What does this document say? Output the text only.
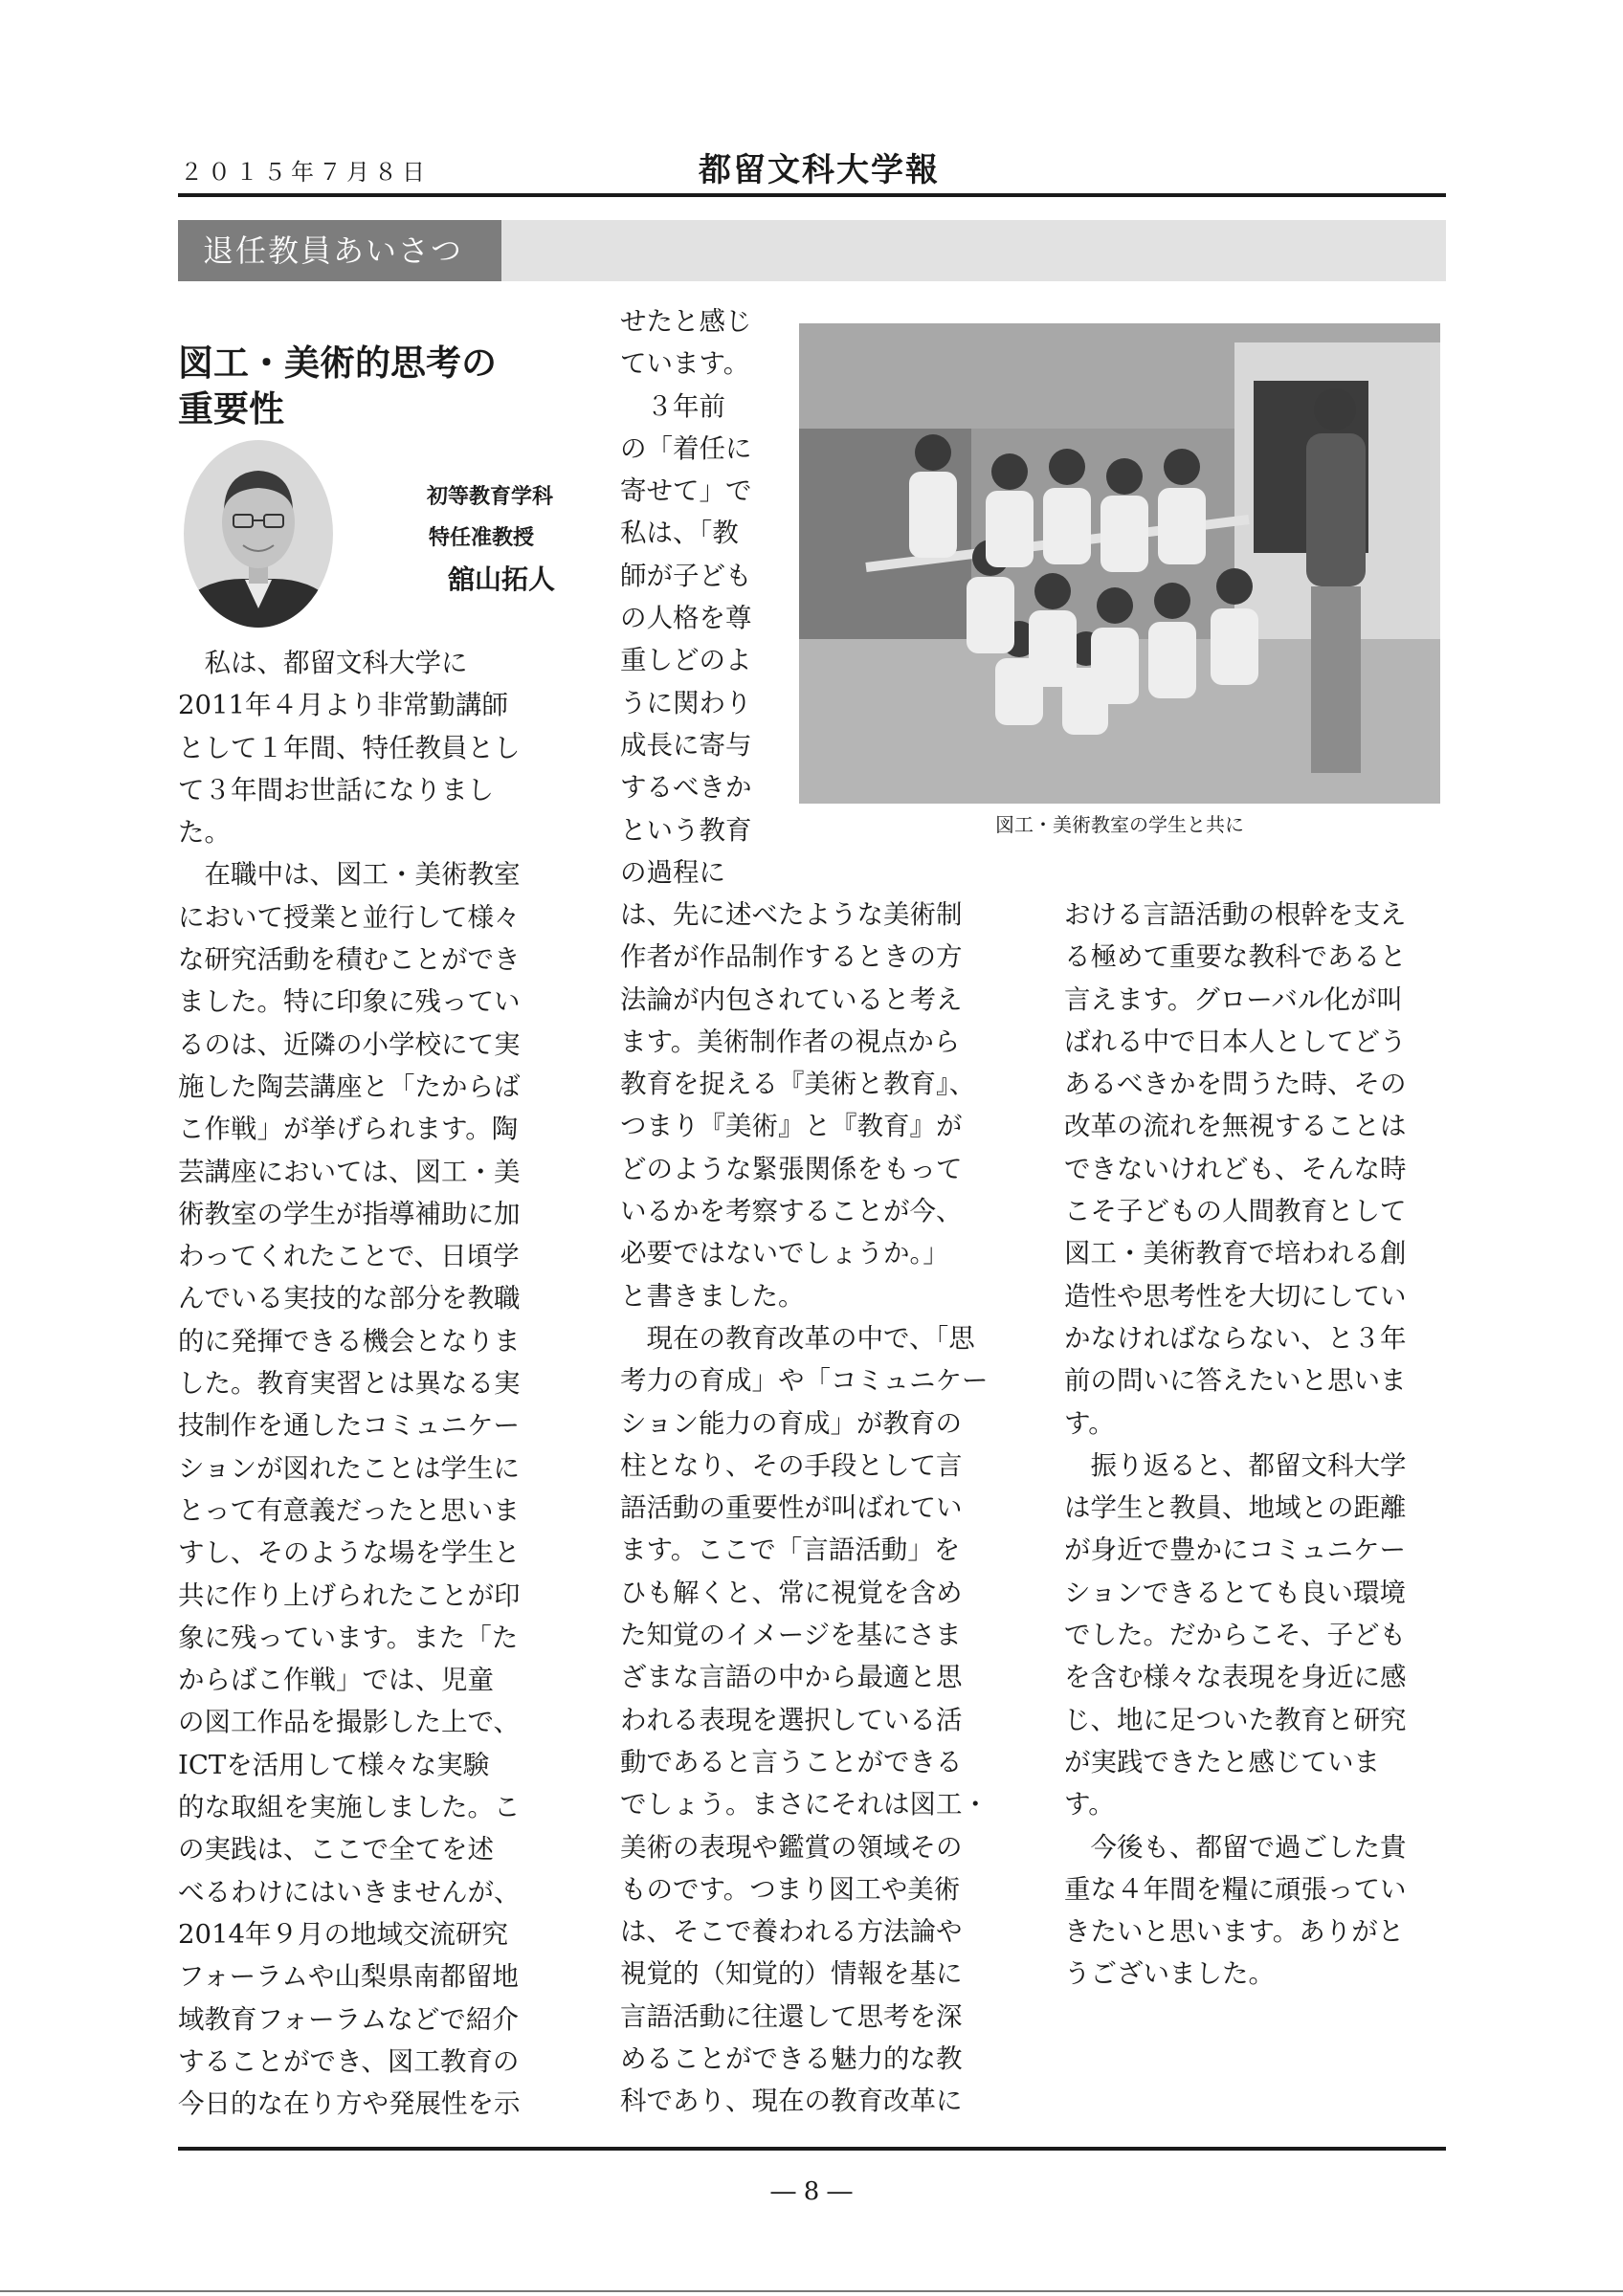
２０１５年７月８日	都留文科大学報
退任教員あいさつ
図工・美術的思考の
重要性
初等教育学科
特任准教授
舘山拓人
　私は、都留文科大学に
2011年４月より非常勤講師
として１年間、特任教員とし
て３年間お世話になりまし
た。
　在職中は、図工・美術教室
において授業と並行して様々
な研究活動を積むことができ
ました。特に印象に残ってい
るのは、近隣の小学校にて実
施した陶芸講座と「たからば
こ作戦」が挙げられます。陶
芸講座においては、図工・美
術教室の学生が指導補助に加
わってくれたことで、日頃学
んでいる実技的な部分を教職
的に発揮できる機会となりま
した。教育実習とは異なる実
技制作を通したコミュニケー
ションが図れたことは学生に
とって有意義だったと思いま
すし、そのような場を学生と
共に作り上げられたことが印
象に残っています。また「た
からばこ作戦」では、児童
の図工作品を撮影した上で、
ICTを活用して様々な実験
的な取組を実施しました。こ
の実践は、ここで全てを述
べるわけにはいきませんが、
2014年９月の地域交流研究
フォーラムや山梨県南都留地
域教育フォーラムなどで紹介
することができ、図工教育の
今日的な在り方や発展性を示
せたと感じ
ています。
　３年前
の「着任に
寄せて」で
私は、「教
師が子ども
の人格を尊
重しどのよ
うに関わり
成長に寄与
するべきか
という教育
の過程に
は、先に述べたような美術制
作者が作品制作するときの方
法論が内包されていると考え
ます。美術制作者の視点から
教育を捉える『美術と教育』、
つまり『美術』と『教育』が
どのような緊張関係をもって
いるかを考察することが今、
必要ではないでしょうか。」
と書きました。
　現在の教育改革の中で、「思
考力の育成」や「コミュニケー
ション能力の育成」が教育の
柱となり、その手段として言
語活動の重要性が叫ばれてい
ます。ここで「言語活動」を
ひも解くと、常に視覚を含め
た知覚のイメージを基にさま
ざまな言語の中から最適と思
われる表現を選択している活
動であると言うことができる
でしょう。まさにそれは図工・
美術の表現や鑑賞の領域その
ものです。つまり図工や美術
は、そこで養われる方法論や
視覚的（知覚的）情報を基に
言語活動に往還して思考を深
めることができる魅力的な教
科であり、現在の教育改革に
おける言語活動の根幹を支え
る極めて重要な教科であると
言えます。グローバル化が叫
ばれる中で日本人としてどう
あるべきかを問うた時、その
改革の流れを無視することは
できないけれども、そんな時
こそ子どもの人間教育として
図工・美術教育で培われる創
造性や思考性を大切にしてい
かなければならない、と３年
前の問いに答えたいと思いま
す。
　振り返ると、都留文科大学
は学生と教員、地域との距離
が身近で豊かにコミュニケー
ションできるとても良い環境
でした。だからこそ、子ども
を含む様々な表現を身近に感
じ、地に足ついた教育と研究
が実践できたと感じていま
す。
　今後も、都留で過ごした貴
重な４年間を糧に頑張ってい
きたいと思います。ありがと
うございました。
図工・美術教室の学生と共に
― 8 ―
